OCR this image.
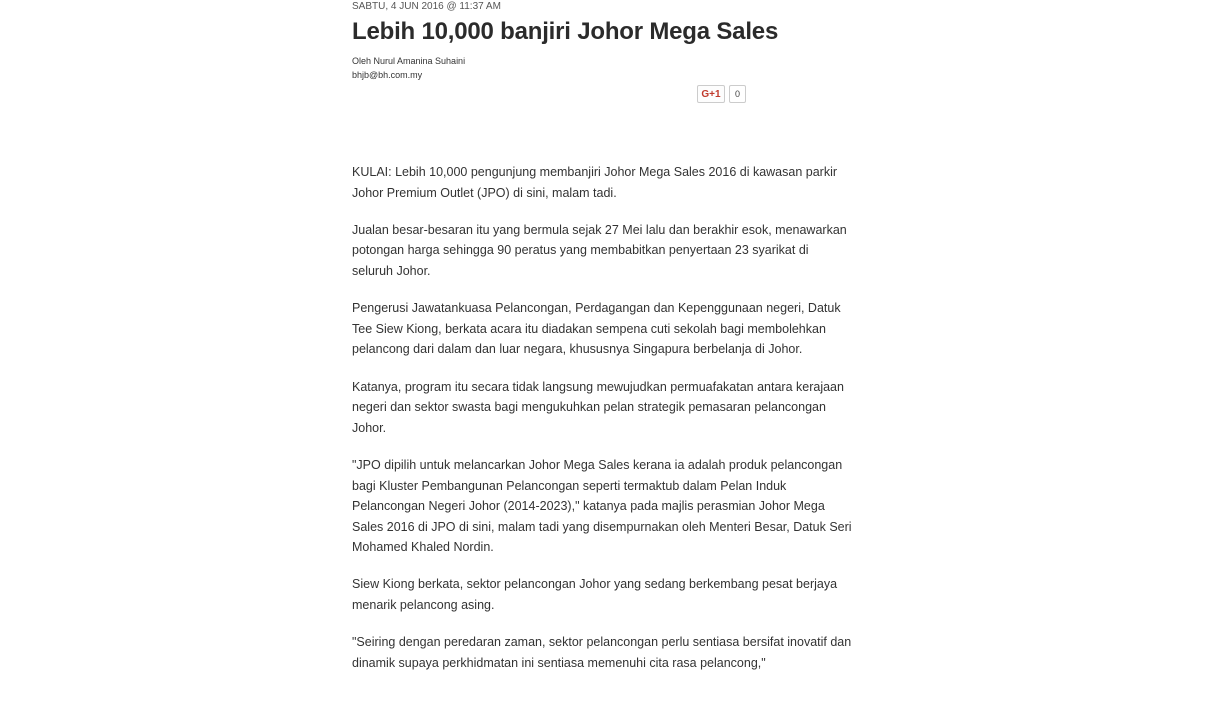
SABTU, 4 JUN 2016 @ 11:37 AM
Lebih 10,000 banjiri Johor Mega Sales
Oleh Nurul Amanina Suhaini
bhjb@bh.com.my
G+1	0

KULAI: Lebih 10,000 pengunjung membanjiri Johor Mega Sales 2016 di kawasan parkir Johor Premium Outlet (JPO) di sini, malam tadi.

Jualan besar-besaran itu yang bermula sejak 27 Mei lalu dan berakhir esok, menawarkan potongan harga sehingga 90 peratus yang membabitkan penyertaan 23 syarikat di seluruh Johor.

Pengerusi Jawatankuasa Pelancongan, Perdagangan dan Kepenggunaan negeri, Datuk Tee Siew Kiong, berkata acara itu diadakan sempena cuti sekolah bagi membolehkan pelancong dari dalam dan luar negara, khususnya Singapura berbelanja di Johor.

Katanya, program itu secara tidak langsung mewujudkan permuafakatan antara kerajaan negeri dan sektor swasta bagi mengukuhkan pelan strategik pemasaran pelancongan Johor.

"JPO dipilih untuk melancarkan Johor Mega Sales kerana ia adalah produk pelancongan bagi Kluster Pembangunan Pelancongan seperti termaktub dalam Pelan Induk Pelancongan Negeri Johor (2014-2023)," katanya pada majlis perasmian Johor Mega Sales 2016 di JPO di sini, malam tadi yang disempurnakan oleh Menteri Besar, Datuk Seri Mohamed Khaled Nordin.

Siew Kiong berkata, sektor pelancongan Johor yang sedang berkembang pesat berjaya menarik pelancong asing.

"Seiring dengan peredaran zaman, sektor pelancongan perlu sentiasa bersifat inovatif dan dinamik supaya perkhidmatan ini sentiasa memenuhi cita rasa pelancong,"
